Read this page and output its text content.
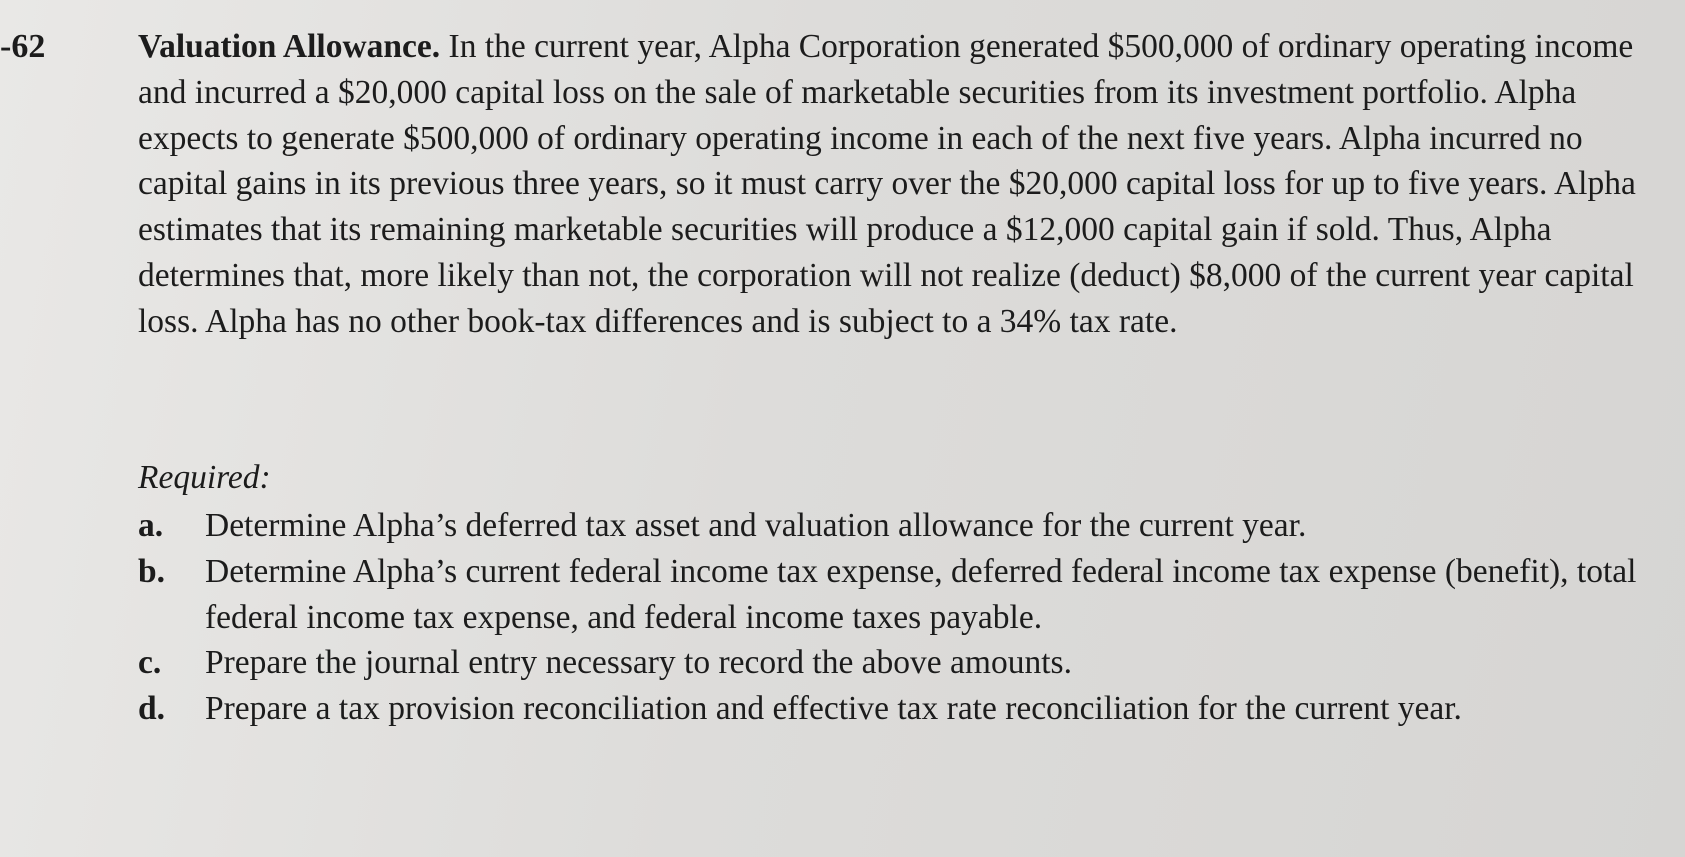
-62	Valuation Allowance. In the current year, Alpha Corporation generated $500,000 of ordinary operating income and incurred a $20,000 capital loss on the sale of marketable securities from its investment portfolio. Alpha expects to generate $500,000 of ordinary operating income in each of the next five years. Alpha incurred no capital gains in its previous three years, so it must carry over the $20,000 capital loss for up to five years. Alpha estimates that its remaining marketable securities will produce a $12,000 capital gain if sold. Thus, Alpha determines that, more likely than not, the corporation will not realize (deduct) $8,000 of the current year capital loss. Alpha has no other book-tax differences and is subject to a 34% tax rate.

Required:

a.	Determine Alpha’s deferred tax asset and valuation allowance for the current year.
b.	Determine Alpha’s current federal income tax expense, deferred federal income tax expense (benefit), total federal income tax expense, and federal income taxes payable.
c.	Prepare the journal entry necessary to record the above amounts.
d.	Prepare a tax provision reconciliation and effective tax rate reconciliation for the current year.
